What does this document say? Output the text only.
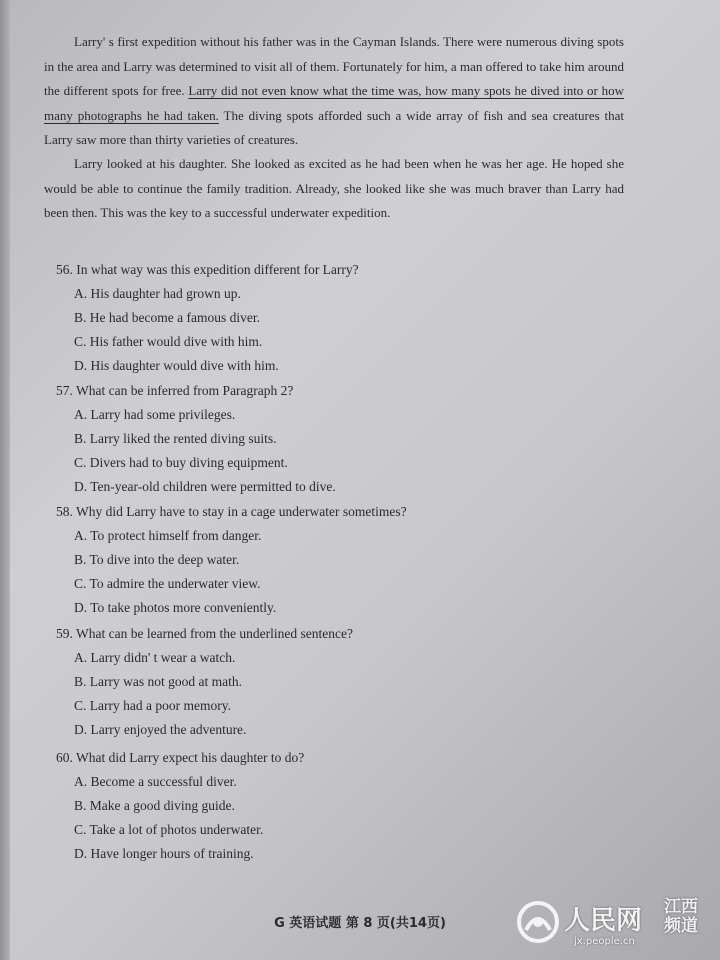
Larry' s first expedition without his father was in the Cayman Islands. There were numerous diving spots in the area and Larry was determined to visit all of them. Fortunately for him, a man offered to take him around the different spots for free. Larry did not even know what the time was, how many spots he dived into or how many photographs he had taken. The diving spots afforded such a wide array of fish and sea creatures that Larry saw more than thirty varieties of creatures.

Larry looked at his daughter. She looked as excited as he had been when he was her age. He hoped she would be able to continue the family tradition. Already, she looked like she was much braver than Larry had been then. This was the key to a successful underwater expedition.

56. In what way was this expedition different for Larry?
A. His daughter had grown up.
B. He had become a famous diver.
C. His father would dive with him.
D. His daughter would dive with him.
57. What can be inferred from Paragraph 2?
A. Larry had some privileges.
B. Larry liked the rented diving suits.
C. Divers had to buy diving equipment.
D. Ten-year-old children were permitted to dive.
58. Why did Larry have to stay in a cage underwater sometimes?
A. To protect himself from danger.
B. To dive into the deep water.
C. To admire the underwater view.
D. To take photos more conveniently.
59. What can be learned from the underlined sentence?
A. Larry didn' t wear a watch.
B. Larry was not good at math.
C. Larry had a poor memory.
D. Larry enjoyed the adventure.
60. What did Larry expect his daughter to do?
A. Become a successful diver.
B. Make a good diving guide.
C. Take a lot of photos underwater.
D. Have longer hours of training.
G 英语试题 第 8 页(共14页)	人民网 江西频道
jx.people.cn
